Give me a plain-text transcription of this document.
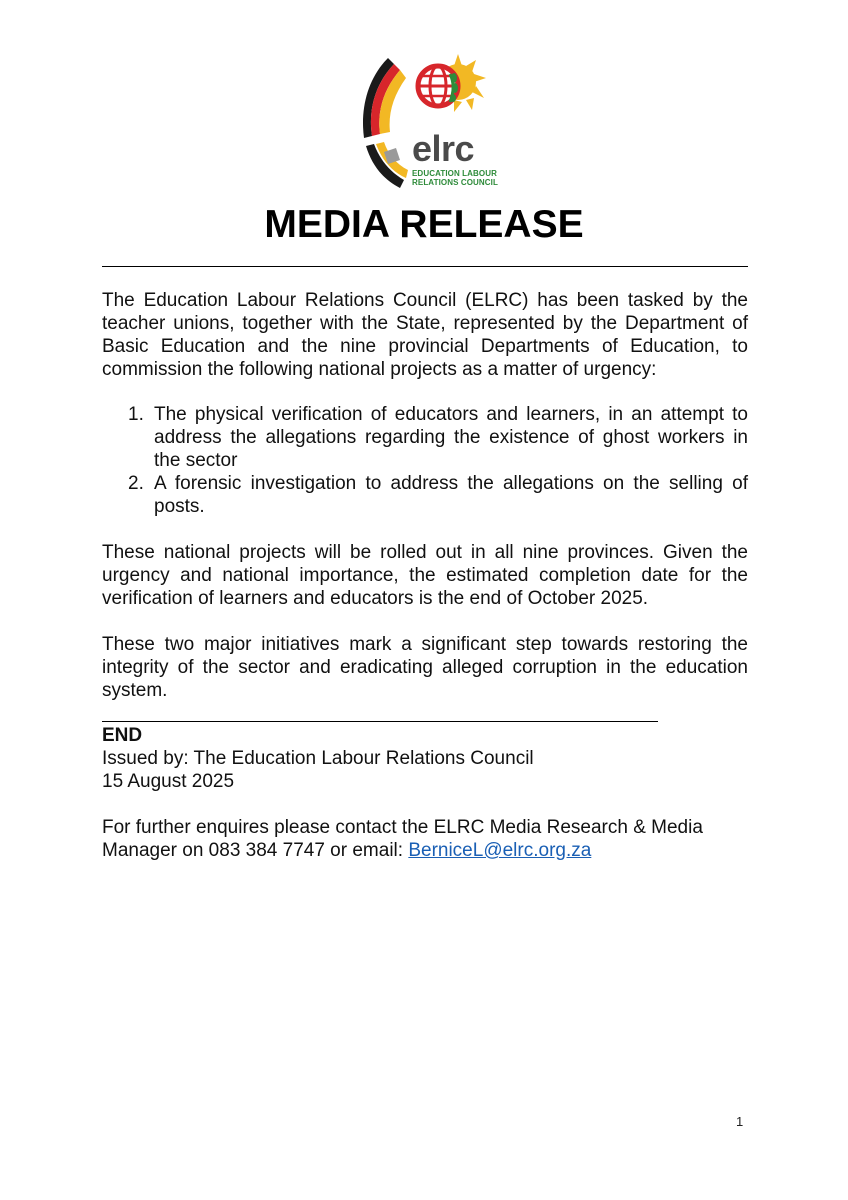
elrc
EDUCATION LABOUR
RELATIONS COUNCIL
MEDIA RELEASE
The Education Labour Relations Council (ELRC) has been tasked by the teacher unions, together with the State, represented by the Department of Basic Education and the nine provincial Departments of Education, to commission the following national projects as a matter of urgency:
1. The physical verification of educators and learners, in an attempt to address the allegations regarding the existence of ghost workers in the sector
2. A forensic investigation to address the allegations on the selling of posts.
These national projects will be rolled out in all nine provinces. Given the urgency and national importance, the estimated completion date for the verification of learners and educators is the end of October 2025.
These two major initiatives mark a significant step towards restoring the integrity of the sector and eradicating alleged corruption in the education system.
END
Issued by: The Education Labour Relations Council
15 August 2025
For further enquires please contact the ELRC Media Research & Media Manager on 083 384 7747 or email: BerniceL@elrc.org.za
1
